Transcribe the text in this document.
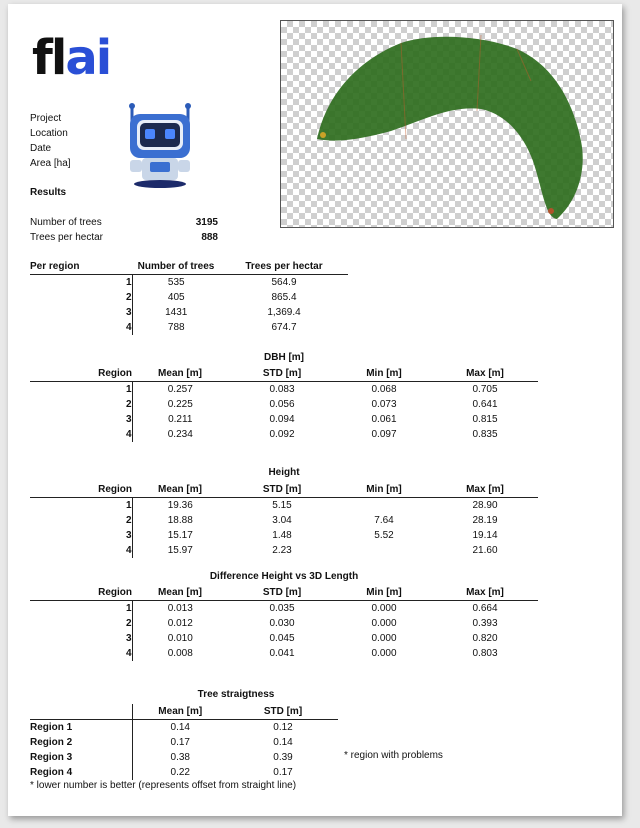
flai
Project
Location
Date
Area [ha]
Results
Number of trees	3195
Trees per hectar	888
Per region	Number of trees	Trees per hectar
1	535	564.9
2	405	865.4
3	1431	1,369.4
4	788	674.7
DBH [m]
Region	Mean [m]	STD [m]	Min [m]	Max [m]
1	0.257	0.083	0.068	0.705
2	0.225	0.056	0.073	0.641
3	0.211	0.094	0.061	0.815
4	0.234	0.092	0.097	0.835
Height
Region	Mean [m]	STD [m]	Min [m]	Max [m]
1	19.36	5.15		28.90
2	18.88	3.04	7.64	28.19
3	15.17	1.48	5.52	19.14
4	15.97	2.23		21.60
Difference Height vs 3D Length
Region	Mean [m]	STD [m]	Min [m]	Max [m]
1	0.013	0.035	0.000	0.664
2	0.012	0.030	0.000	0.393
3	0.010	0.045	0.000	0.820
4	0.008	0.041	0.000	0.803
Tree straigtness
	Mean [m]	STD [m]
Region 1	0.14	0.12
Region 2	0.17	0.14
Region 3	0.38	0.39
Region 4	0.22	0.17
* region with problems
* lower number is better (represents offset from straight line)
